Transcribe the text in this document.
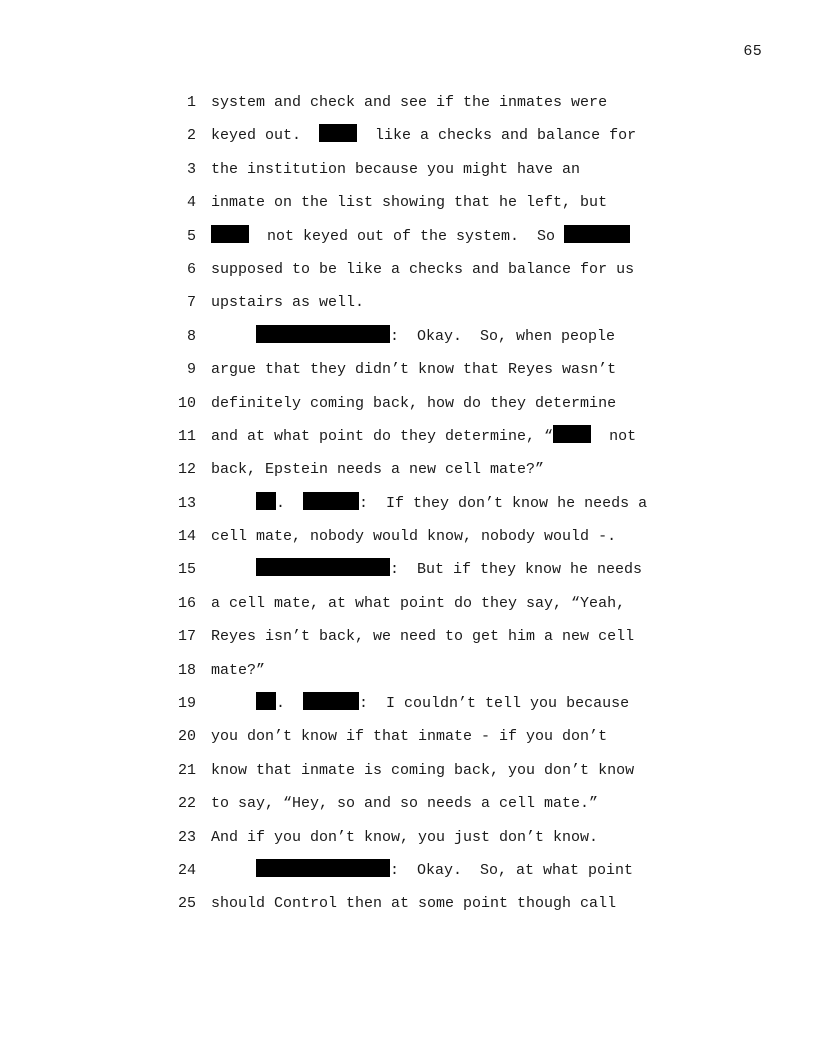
65
1 system and check and see if the inmates were
2 keyed out.	like a checks and balance for
3 the institution because you might have an
4 inmate on the list showing that he left, but
5	not keyed out of the system.  So
6 supposed to be like a checks and balance for us
7 upstairs as well.
8	:  Okay.  So, when people
9 argue that they didn’t know that Reyes wasn’t
10 definitely coming back, how do they determine
11 and at what point do they determine, “	not
12 back, Epstein needs a new cell mate?”
13	.	:  If they don’t know he needs a
14 cell mate, nobody would know, nobody would -.
15	:  But if they know he needs
16 a cell mate, at what point do they say, “Yeah,
17 Reyes isn’t back, we need to get him a new cell
18 mate?”
19	.	:  I couldn’t tell you because
20 you don’t know if that inmate - if you don’t
21 know that inmate is coming back, you don’t know
22 to say, “Hey, so and so needs a cell mate.”
23 And if you don’t know, you just don’t know.
24	:  Okay.  So, at what point
25 should Control then at some point though call
